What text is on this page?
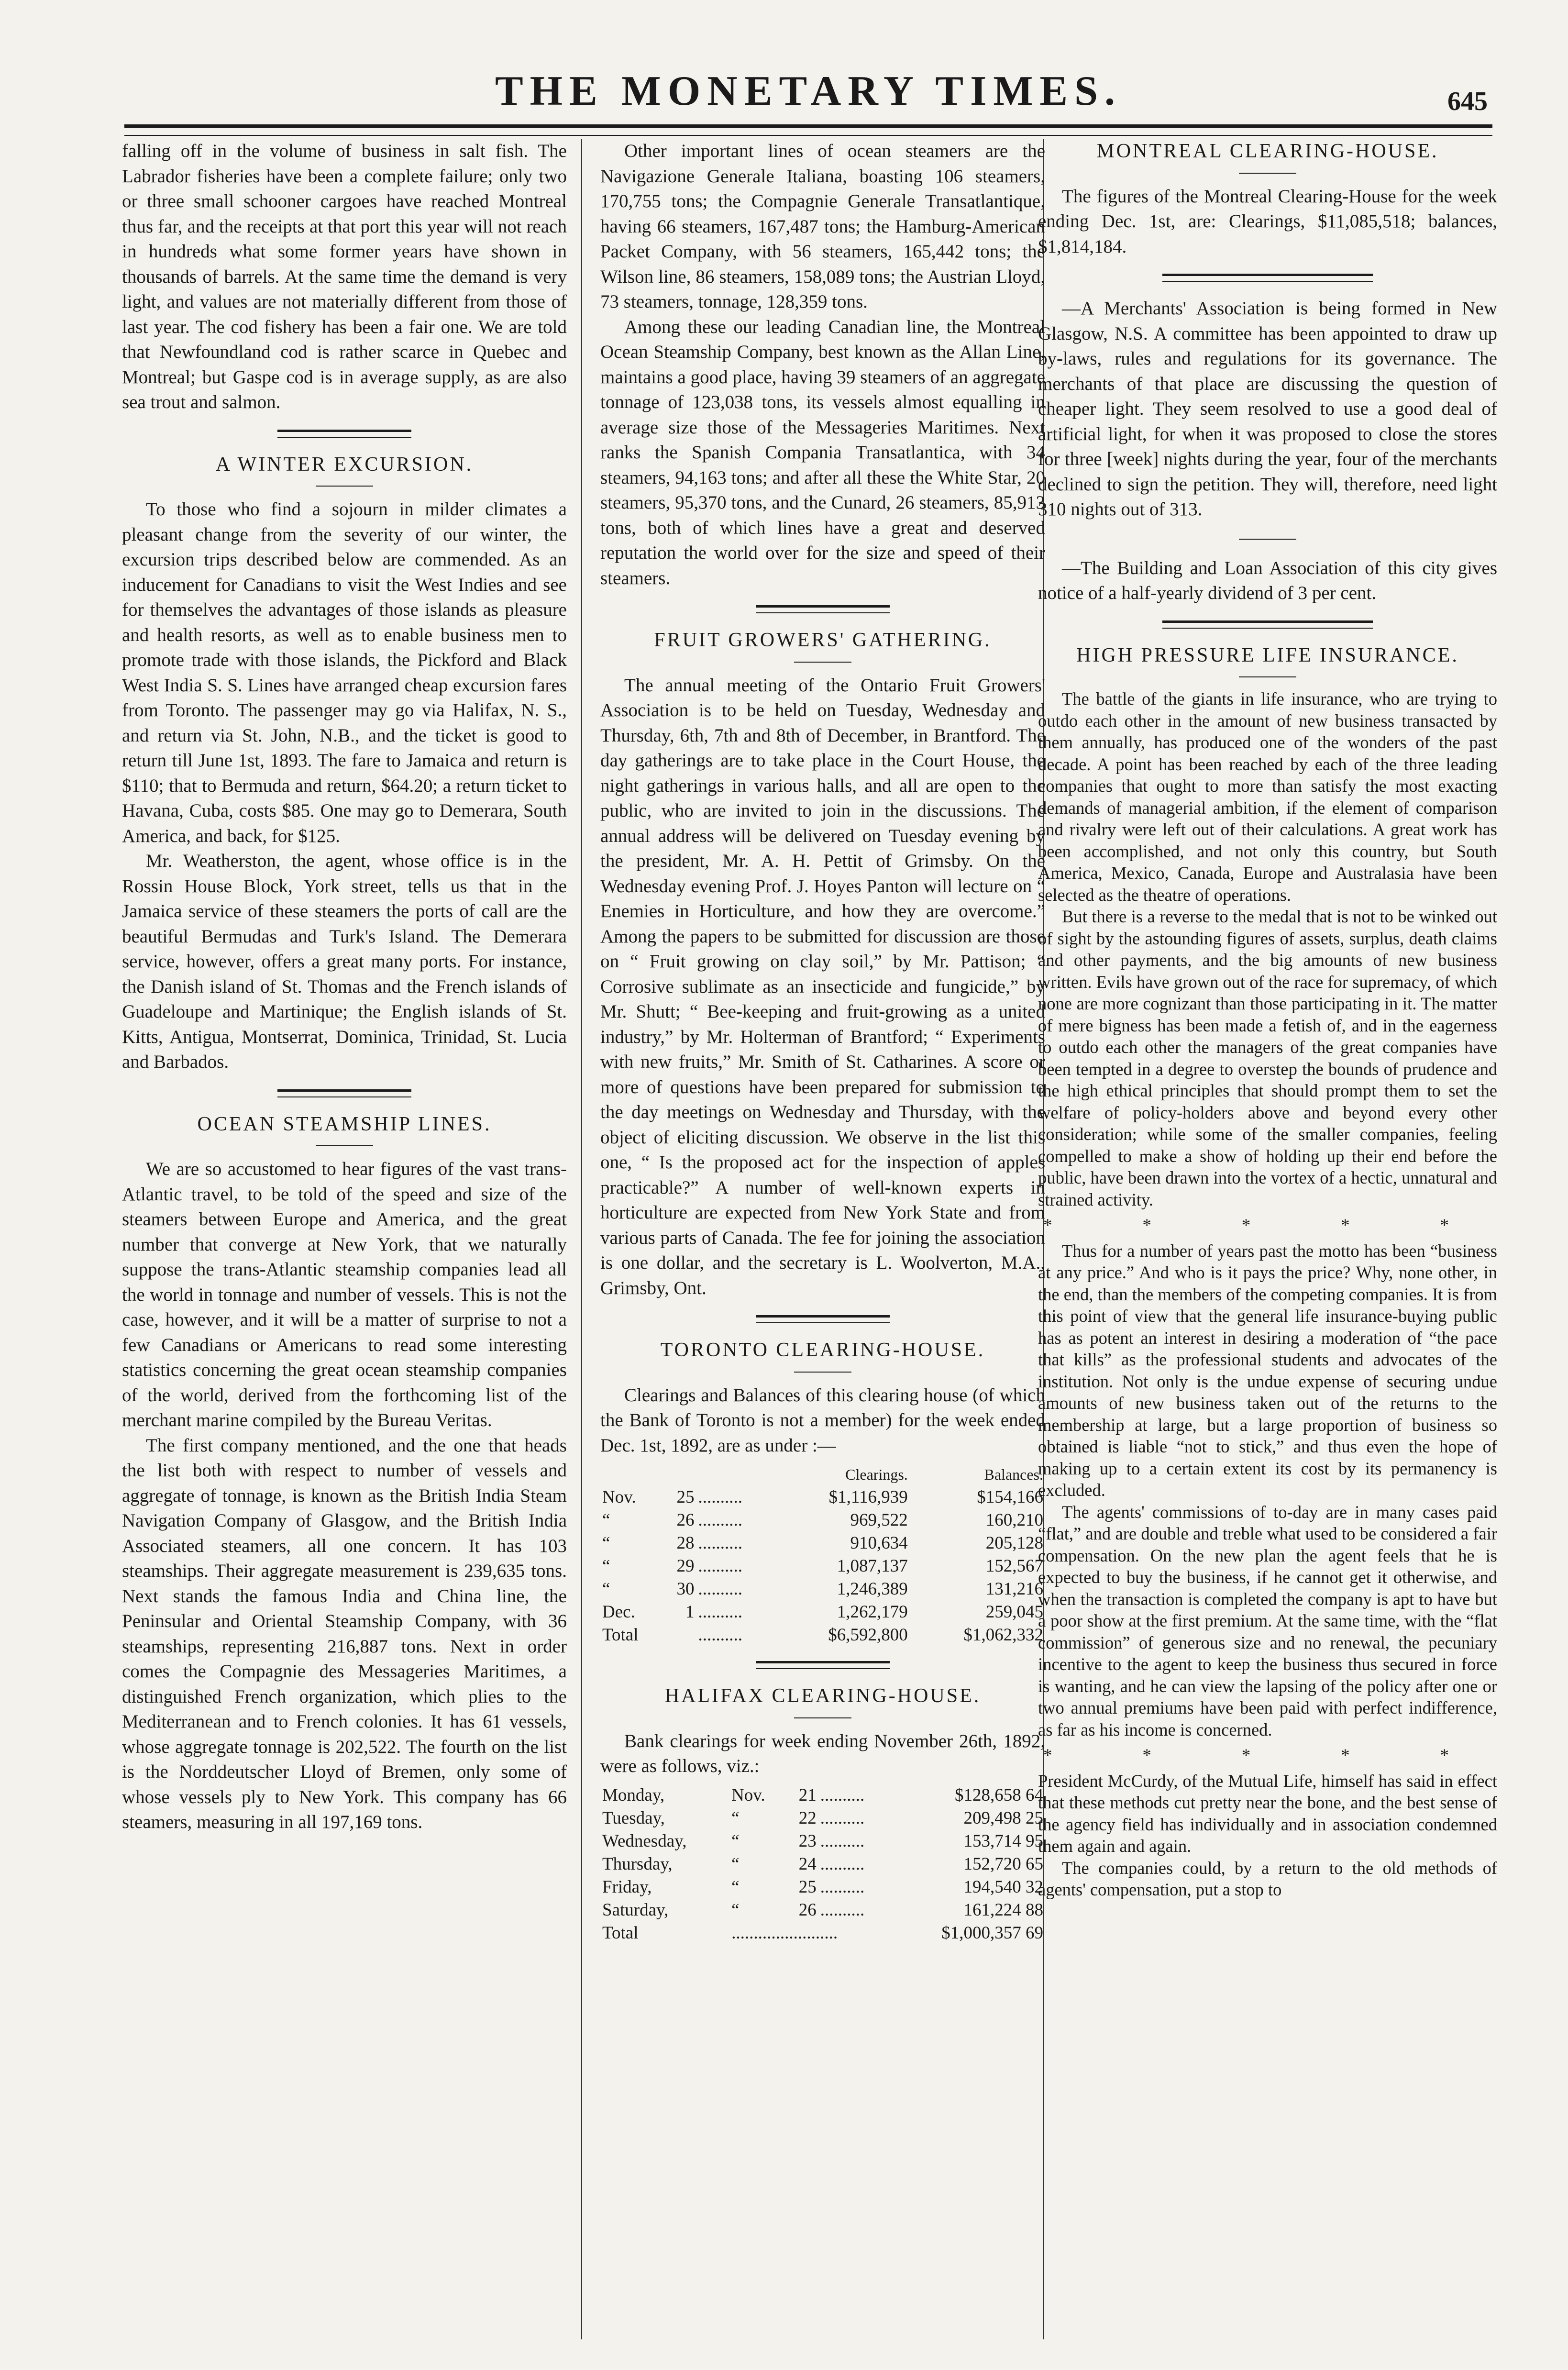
THE MONETARY TIMES.	645

falling off in the volume of business in salt fish. The Labrador fisheries have been a complete failure; only two or three small schooner cargoes have reached Montreal thus far, and the receipts at that port this year will not reach in hundreds what some former years have shown in thousands of barrels. At the same time the demand is very light, and values are not materially different from those of last year. The cod fishery has been a fair one. We are told that Newfoundland cod is rather scarce in Quebec and Montreal; but Gaspe cod is in average supply, as are also sea trout and salmon.

A WINTER EXCURSION.

To those who find a sojourn in milder climates a pleasant change from the severity of our winter, the excursion trips described below are commended. As an inducement for Canadians to visit the West Indies and see for themselves the advantages of those islands as pleasure and health resorts, as well as to enable business men to promote trade with those islands, the Pickford and Black West India S. S. Lines have arranged cheap excursion fares from Toronto. The passenger may go via Halifax, N. S., and return via St. John, N.B., and the ticket is good to return till June 1st, 1893. The fare to Jamaica and return is $110; that to Bermuda and return, $64.20; a return ticket to Havana, Cuba, costs $85. One may go to Demerara, South America, and back, for $125.

Mr. Weatherston, the agent, whose office is in the Rossin House Block, York street, tells us that in the Jamaica service of these steamers the ports of call are the beautiful Bermudas and Turk's Island. The Demerara service, however, offers a great many ports. For instance, the Danish island of St. Thomas and the French islands of Guadeloupe and Martinique; the English islands of St. Kitts, Antigua, Montserrat, Dominica, Trinidad, St. Lucia and Barbados.

OCEAN STEAMSHIP LINES.

We are so accustomed to hear figures of the vast trans-Atlantic travel, to be told of the speed and size of the steamers between Europe and America, and the great number that converge at New York, that we naturally suppose the trans-Atlantic steamship companies lead all the world in tonnage and number of vessels. This is not the case, however, and it will be a matter of surprise to not a few Canadians or Americans to read some interesting statistics concerning the great ocean steamship companies of the world, derived from the forthcoming list of the merchant marine compiled by the Bureau Veritas.

The first company mentioned, and the one that heads the list both with respect to number of vessels and aggregate of tonnage, is known as the British India Steam Navigation Company of Glasgow, and the British India Associated steamers, all one concern. It has 103 steamships. Their aggregate measurement is 239,635 tons. Next stands the famous India and China line, the Peninsular and Oriental Steamship Company, with 36 steamships, representing 216,887 tons. Next in order comes the Compagnie des Messageries Maritimes, a distinguished French organization, which plies to the Mediterranean and to French colonies. It has 61 vessels, whose aggregate tonnage is 202,522. The fourth on the list is the Norddeutscher Lloyd of Bremen, only some of whose vessels ply to New York. This company has 66 steamers, measuring in all 197,169 tons.

Other important lines of ocean steamers are the Navigazione Generale Italiana, boasting 106 steamers, 170,755 tons; the Compagnie Generale Transatlantique, having 66 steamers, 167,487 tons; the Hamburg-American Packet Company, with 56 steamers, 165,442 tons; the Wilson line, 86 steamers, 158,089 tons; the Austrian Lloyd, 73 steamers, tonnage, 128,359 tons.

Among these our leading Canadian line, the Montreal Ocean Steamship Company, best known as the Allan Line, maintains a good place, having 39 steamers of an aggregate tonnage of 123,038 tons, its vessels almost equalling in average size those of the Messageries Maritimes. Next ranks the Spanish Compania Transatlantica, with 34 steamers, 94,163 tons; and after all these the White Star, 20 steamers, 95,370 tons, and the Cunard, 26 steamers, 85,913 tons, both of which lines have a great and deserved reputation the world over for the size and speed of their steamers.

FRUIT GROWERS' GATHERING.

The annual meeting of the Ontario Fruit Growers' Association is to be held on Tuesday, Wednesday and Thursday, 6th, 7th and 8th of December, in Brantford. The day gatherings are to take place in the Court House, the night gatherings in various halls, and all are open to the public, who are invited to join in the discussions. The annual address will be delivered on Tuesday evening by the president, Mr. A. H. Pettit of Grimsby. On the Wednesday evening Prof. J. Hoyes Panton will lecture on “ Enemies in Horticulture, and how they are overcome.” Among the papers to be submitted for discussion are those on “ Fruit growing on clay soil,” by Mr. Pattison; “ Corrosive sublimate as an insecticide and fungicide,” by Mr. Shutt; “ Bee-keeping and fruit-growing as a united industry,” by Mr. Holterman of Brantford; “ Experiments with new fruits,” Mr. Smith of St. Catharines. A score or more of questions have been prepared for submission to the day meetings on Wednesday and Thursday, with the object of eliciting discussion. We observe in the list this one, “ Is the proposed act for the inspection of apples practicable?” A number of well-known experts in horticulture are expected from New York State and from various parts of Canada. The fee for joining the association is one dollar, and the secretary is L. Woolverton, M.A., Grimsby, Ont.

TORONTO CLEARING-HOUSE.

Clearings and Balances of this clearing house (of which the Bank of Toronto is not a member) for the week ended Dec. 1st, 1892, are as under :—

			Clearings.	Balances.
Nov.	25	..........	$1,116,939	$154,166
“	26	..........	969,522	160,210
“	28	..........	910,634	205,128
“	29	..........	1,087,137	152,567
“	30	..........	1,246,389	131,216
Dec.	1	..........	1,262,179	259,045
Total		..........	$6,592,800	$1,062,332
HALIFAX CLEARING-HOUSE.

Bank clearings for week ending November 26th, 1892, were as follows, viz.:

Monday,	Nov.	21	..........	$128,658 64
Tuesday,	“	22	..........	209,498 25
Wednesday,	“	23	..........	153,714 95
Thursday,	“	24	..........	152,720 65
Friday,	“	25	..........	194,540 32
Saturday,	“	26	..........	161,224 88
Total	........................			$1,000,357 69
MONTREAL CLEARING-HOUSE.

The figures of the Montreal Clearing-House for the week ending Dec. 1st, are: Clearings, $11,085,518; balances, $1,814,184.

—A Merchants' Association is being formed in New Glasgow, N.S. A committee has been appointed to draw up by-laws, rules and regulations for its governance. The merchants of that place are discussing the question of cheaper light. They seem resolved to use a good deal of artificial light, for when it was proposed to close the stores for three [week] nights during the year, four of the merchants declined to sign the petition. They will, therefore, need light 310 nights out of 313.

—The Building and Loan Association of this city gives notice of a half-yearly dividend of 3 per cent.

HIGH PRESSURE LIFE INSURANCE.

The battle of the giants in life insurance, who are trying to outdo each other in the amount of new business transacted by them annually, has produced one of the wonders of the past decade. A point has been reached by each of the three leading companies that ought to more than satisfy the most exacting demands of managerial ambition, if the element of comparison and rivalry were left out of their calculations. A great work has been accomplished, and not only this country, but South America, Mexico, Canada, Europe and Australasia have been selected as the theatre of operations.

But there is a reverse to the medal that is not to be winked out of sight by the astounding figures of assets, surplus, death claims and other payments, and the big amounts of new business written. Evils have grown out of the race for supremacy, of which none are more cognizant than those participating in it. The matter of mere bigness has been made a fetish of, and in the eagerness to outdo each other the managers of the great companies have been tempted in a degree to overstep the bounds of prudence and the high ethical principles that should prompt them to set the welfare of policy-holders above and beyond every other consideration; while some of the smaller companies, feeling compelled to make a show of holding up their end before the public, have been drawn into the vortex of a hectic, unnatural and strained activity.

* * * * *

Thus for a number of years past the motto has been “business at any price.” And who is it pays the price? Why, none other, in the end, than the members of the competing companies. It is from this point of view that the general life insurance-buying public has as potent an interest in desiring a moderation of “the pace that kills” as the professional students and advocates of the institution. Not only is the undue expense of securing undue amounts of new business taken out of the returns to the membership at large, but a large proportion of business so obtained is liable “not to stick,” and thus even the hope of making up to a certain extent its cost by its permanency is excluded.

The agents' commissions of to-day are in many cases paid “flat,” and are double and treble what used to be considered a fair compensation. On the new plan the agent feels that he is expected to buy the business, if he cannot get it otherwise, and when the transaction is completed the company is apt to have but a poor show at the first premium. At the same time, with the “flat commission” of generous size and no renewal, the pecuniary incentive to the agent to keep the business thus secured in force is wanting, and he can view the lapsing of the policy after one or two annual premiums have been paid with perfect indifference, as far as his income is concerned.

* * * * *

President McCurdy, of the Mutual Life, himself has said in effect that these methods cut pretty near the bone, and the best sense of the agency field has individually and in association condemned them again and again.

The companies could, by a return to the old methods of agents' compensation, put a stop to
